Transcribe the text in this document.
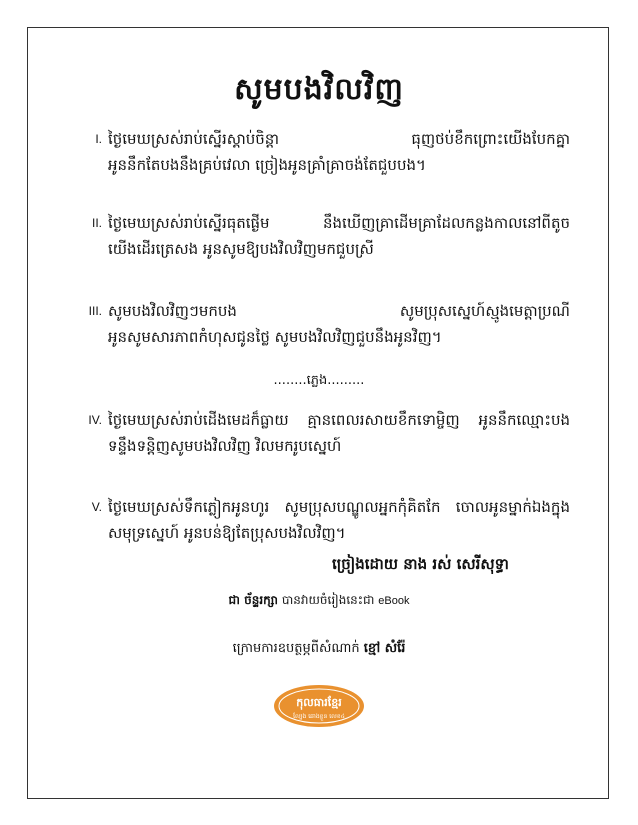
សូមបងវិលវិញ
I. ថ្ងៃមេឃស្រស់រាប់ស្នើរស្តាប់ចិន្តា	ធុញថប់ខឹកព្រោះយើងបែកគ្នា
អូននឹកតែបងនឹងគ្រប់វេលា ច្រៀងអូនគ្រាំគ្រាចង់តែជួបបង។
II. ថ្ងៃមេឃស្រស់រាប់ស្នើរធុតផ្ងើម	នឹងឃើញគ្រាដើមគ្រាដែលកន្លងកាលនៅពីតូច
យើងដើរត្រេសង អូនសូមឱ្យបងវិលវិញមកជួបស្រី
III. សូមបងវិលវិញៗមកបង	សូមប្រុសស្នេហ៍ស្មូងមេត្តាប្រណី
អូនសូមសារភាពកំហុសជូនថ្លៃ សូមបងវិលវិញជួបនឹងអូនវិញ។
........ភ្លេង.........
IV. ថ្ងៃមេឃស្រស់រាប់ដើងមេដក៏ធ្លាយ គ្មានពេលរសាយខឹកទោម្ចិញ អូននឹកឈ្មោះបង
ទន្ទឹងទន្តិញសូមបងវិលវិញ វិលមករូបស្នេហ៍
V. ថ្ងៃមេឃស្រស់ទឹកភ្លៀកអូនហូរ សូមប្រុសបណ្ឌូលអ្នកកុំគិតកែ ចោលអូនម្នាក់ឯងក្នុង
សមុទ្រស្នេហ៍ អូនបន់ឱ្យតែប្រុសបងវិលវិញ។
ច្រៀងដោយ នាង រស់ សេរីសុទ្ធា
ជា ច័ន្ទរក្សា បានវាយចំរៀងនេះជា eBook
ក្រោមការឧបត្ថម្ភពីសំណាក់ ខ្មៅ សំរ៉ែ
កុលធារខ្មែរ
ល្បែង ឆោងខ្លួន លេខ៤
